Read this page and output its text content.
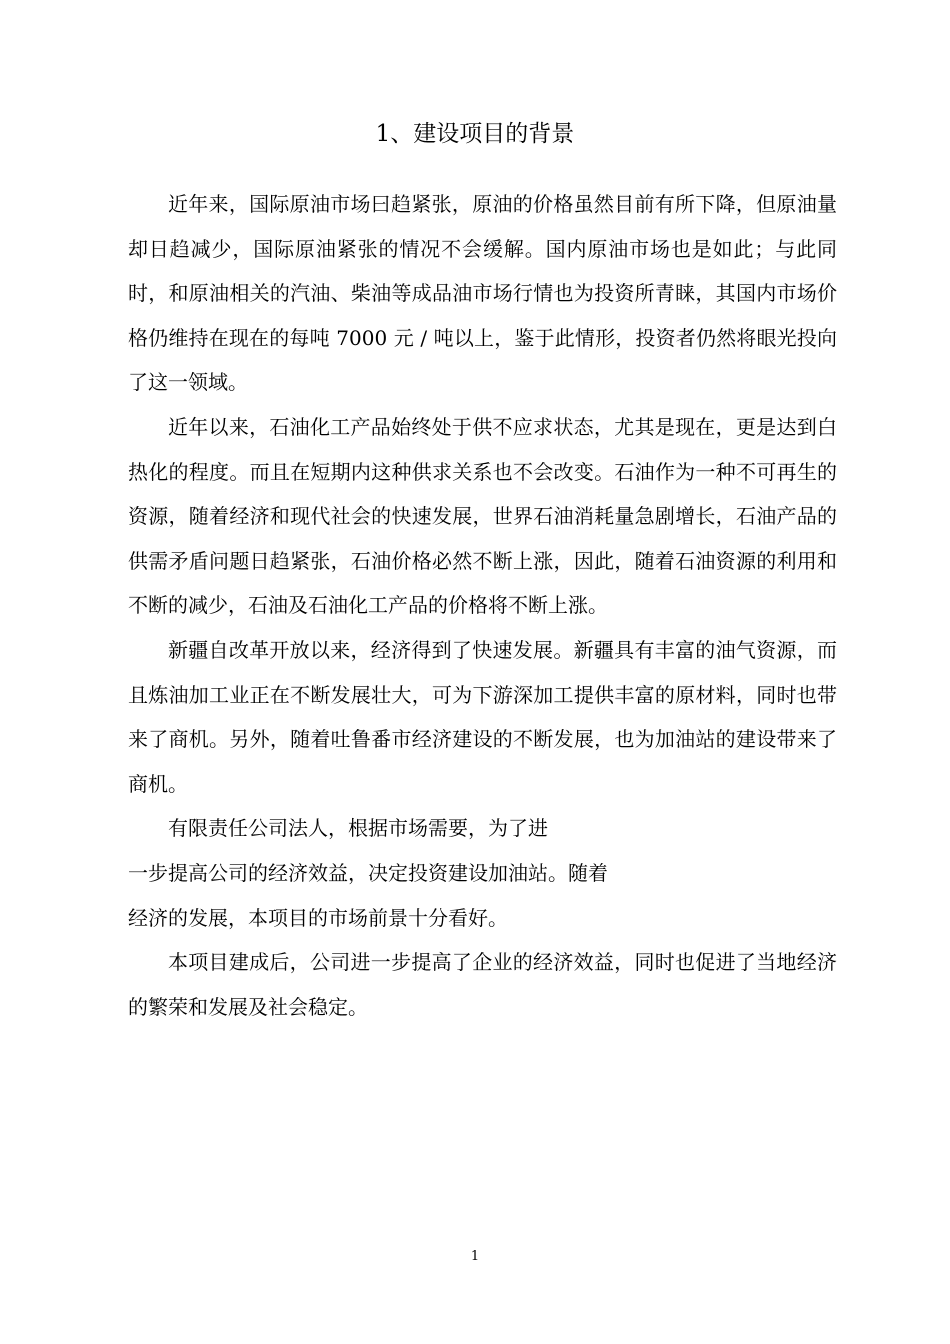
1、建设项目的背景

近年来，国际原油市场曰趋紧张，原油的价格虽然目前有所下降，但原油量却日趋减少，国际原油紧张的情况不会缓解。国内原油市场也是如此；与此同时，和原油相关的汽油、柴油等成品油市场行情也为投资所青睐，其国内市场价格仍维持在现在的每吨 7000 元 / 吨以上，鉴于此情形，投资者仍然将眼光投向了这一领域。

近年以来，石油化工产品始终处于供不应求状态，尤其是现在，更是达到白热化的程度。而且在短期内这种供求关系也不会改变。石油作为一种不可再生的资源，随着经济和现代社会的快速发展，世界石油消耗量急剧增长，石油产品的供需矛盾问题日趋紧张，石油价格必然不断上涨，因此，随着石油资源的利用和不断的减少，石油及石油化工产品的价格将不断上涨。

新疆自改革开放以来，经济得到了快速发展。新疆具有丰富的油气资源，而且炼油加工业正在不断发展壮大，可为下游深加工提供丰富的原材料，同时也带来了商机。另外，随着吐鲁番市经济建设的不断发展，也为加油站的建设带来了商机。

有限责任公司法人，根据市场需要，为了进
一步提高公司的经济效益，决定投资建设加油站。随着
经济的发展，本项目的市场前景十分看好。

本项目建成后，公司进一步提高了企业的经济效益，同时也促进了当地经济的繁荣和发展及社会稳定。

1
